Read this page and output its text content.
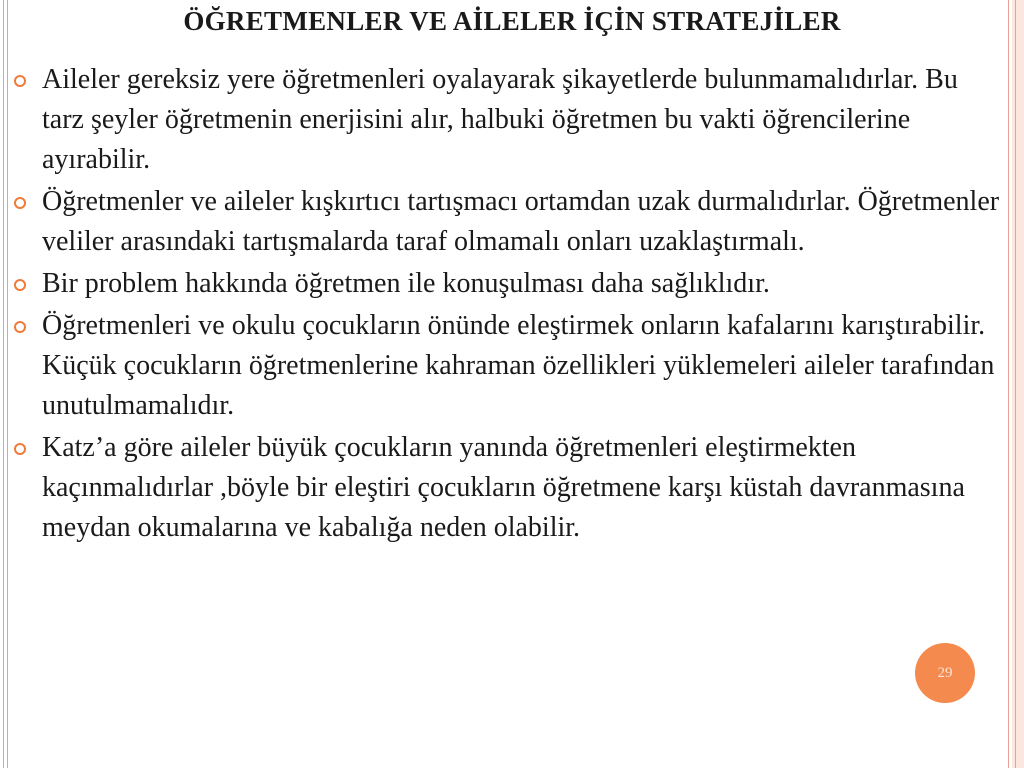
ÖĞRETMENLER VE AİLELER İÇİN STRATEJİLER
Aileler gereksiz yere öğretmenleri oyalayarak şikayetlerde bulunmamalıdırlar. Bu tarz şeyler öğretmenin enerjisini alır, halbuki öğretmen bu vakti öğrencilerine ayırabilir.
Öğretmenler ve aileler kışkırtıcı tartışmacı ortamdan uzak durmalıdırlar. Öğretmenler veliler arasındaki tartışmalarda taraf olmamalı onları uzaklaştırmalı.
Bir problem hakkında öğretmen ile konuşulması daha sağlıklıdır.
Öğretmenleri ve okulu çocukların önünde eleştirmek onların kafalarını karıştırabilir. Küçük çocukların öğretmenlerine kahraman özellikleri yüklemeleri aileler tarafından unutulmamalıdır.
Katz’a göre aileler büyük çocukların yanında öğretmenleri eleştirmekten kaçınmalıdırlar ,böyle bir eleştiri çocukların öğretmene karşı küstah davranmasına meydan okumalarına ve kabalığa neden olabilir.
29
